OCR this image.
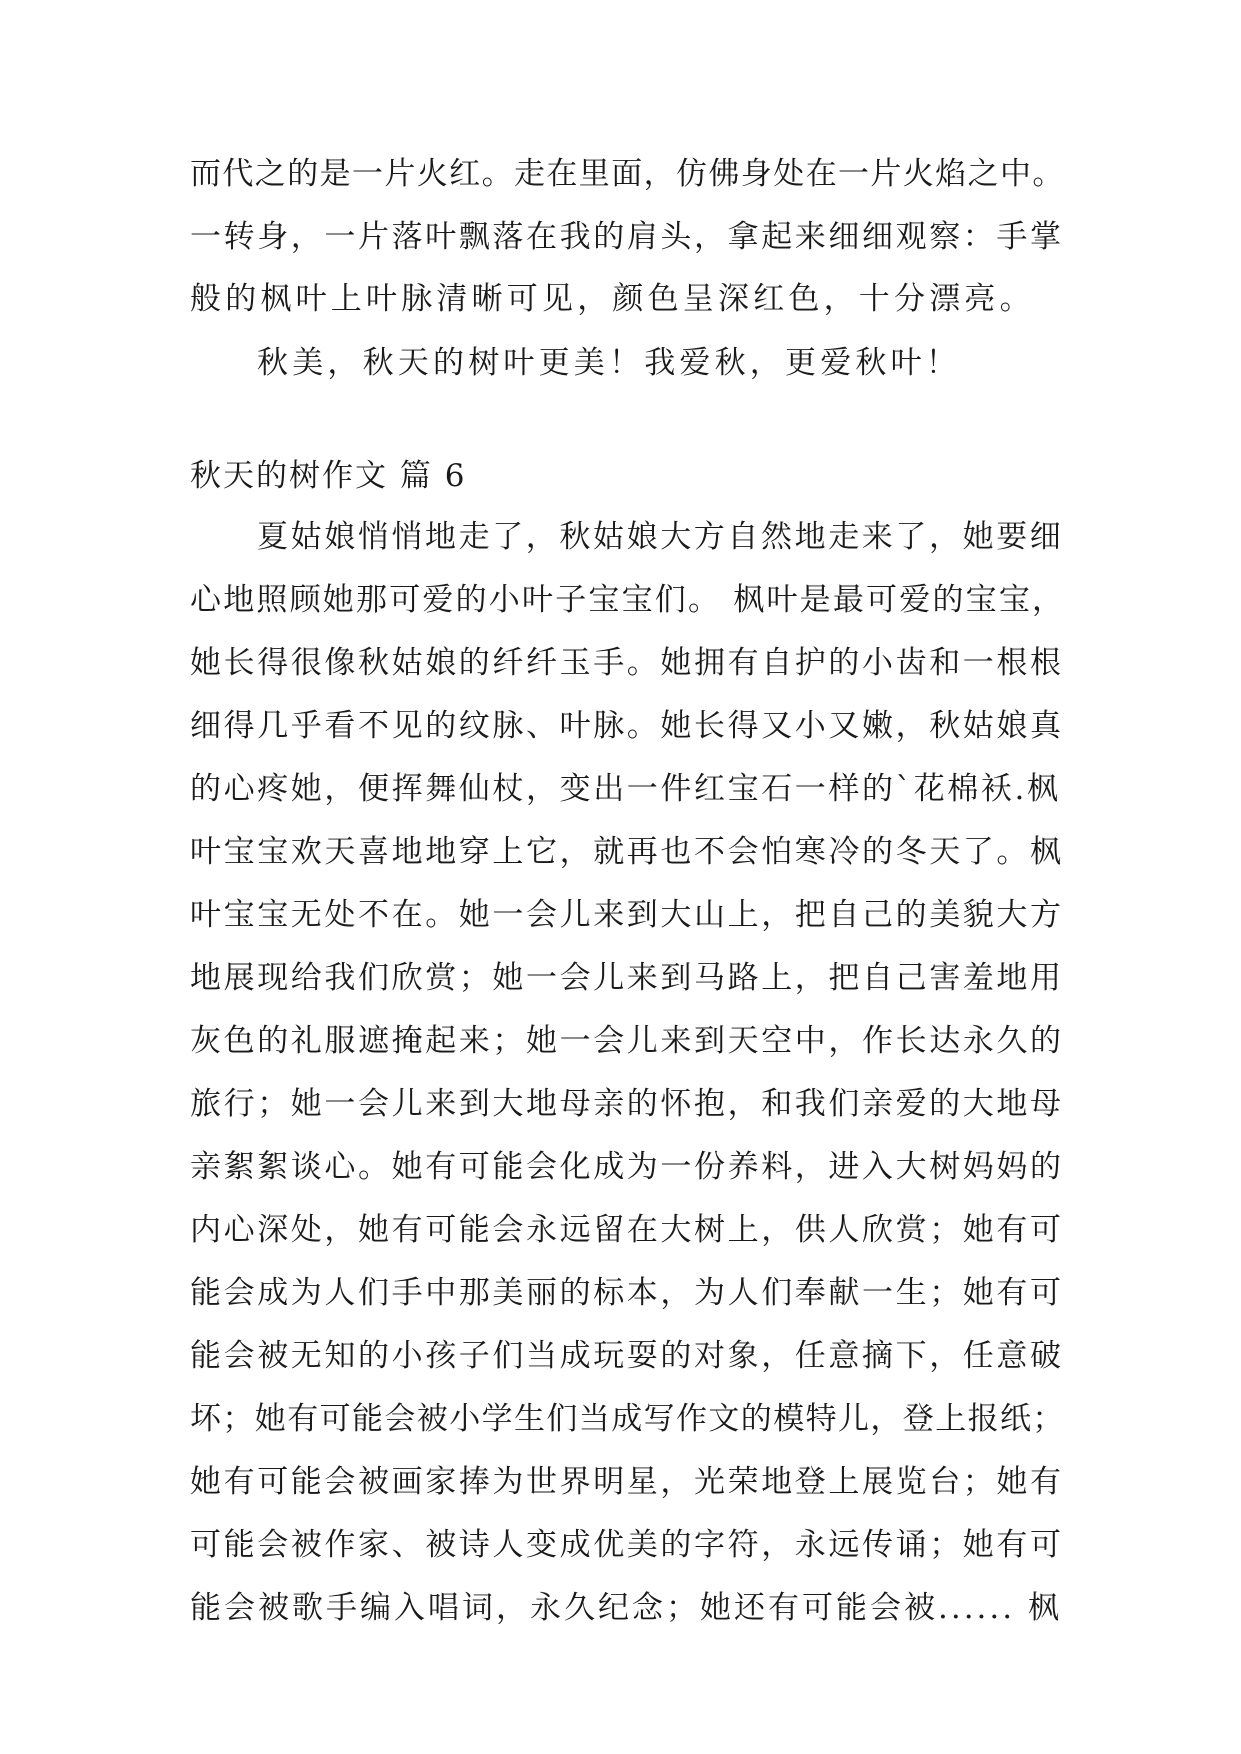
而代之的是一片火红。走在里面，仿佛身处在一片火焰之中。
一转身，一片落叶飘落在我的肩头，拿起来细细观察：手掌
般的枫叶上叶脉清晰可见，颜色呈深红色，十分漂亮。
秋美，秋天的树叶更美！我爱秋，更爱秋叶！
秋天的树作文 篇 6
夏姑娘悄悄地走了，秋姑娘大方自然地走来了，她要细
心地照顾她那可爱的小叶子宝宝们。 枫叶是最可爱的宝宝，
她长得很像秋姑娘的纤纤玉手。她拥有自护的小齿和一根根
细得几乎看不见的纹脉、叶脉。她长得又小又嫩，秋姑娘真
的心疼她，便挥舞仙杖，变出一件红宝石一样的`花棉袄.枫
叶宝宝欢天喜地地穿上它，就再也不会怕寒冷的冬天了。枫
叶宝宝无处不在。她一会儿来到大山上，把自己的美貌大方
地展现给我们欣赏；她一会儿来到马路上，把自己害羞地用
灰色的礼服遮掩起来；她一会儿来到天空中，作长达永久的
旅行；她一会儿来到大地母亲的怀抱，和我们亲爱的大地母
亲絮絮谈心。她有可能会化成为一份养料，进入大树妈妈的
内心深处，她有可能会永远留在大树上，供人欣赏；她有可
能会成为人们手中那美丽的标本，为人们奉献一生；她有可
能会被无知的小孩子们当成玩耍的对象，任意摘下，任意破
坏；她有可能会被小学生们当成写作文的模特儿，登上报纸；
她有可能会被画家捧为世界明星，光荣地登上展览台；她有
可能会被作家、被诗人变成优美的字符，永远传诵；她有可
能会被歌手编入唱词，永久纪念；她还有可能会被...... 枫
